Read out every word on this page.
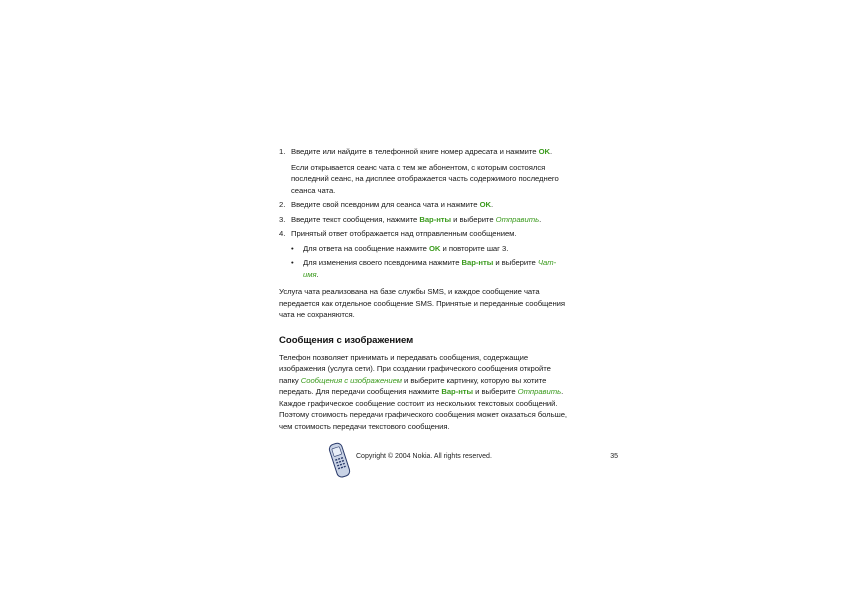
1. Введите или найдите в телефонной книге номер адресата и нажмите OK.
Если открывается сеанс чата с тем же абонентом, с которым состоялся последний сеанс, на дисплее отображается часть содержимого последнего сеанса чата.
2. Введите свой псевдоним для сеанса чата и нажмите OK.
3. Введите текст сообщения, нажмите Вар-нты и выберите Отправить.
4. Принятый ответ отображается над отправленным сообщением.
• Для ответа на сообщение нажмите OK и повторите шаг 3.
• Для изменения своего псевдонима нажмите Вар-нты и выберите Чат-имя.
Услуга чата реализована на базе службы SMS, и каждое сообщение чата передается как отдельное сообщение SMS. Принятые и переданные сообщения чата не сохраняются.
Сообщения с изображением
Телефон позволяет принимать и передавать сообщения, содержащие изображения (услуга сети). При создании графического сообщения откройте папку Сообщения с изображением и выберите картинку, которую вы хотите передать. Для передачи сообщения нажмите Вар-нты и выберите Отправить. Каждое графическое сообщение состоит из нескольких текстовых сообщений. Поэтому стоимость передачи графического сообщения может оказаться больше, чем стоимость передачи текстового сообщения.
Copyright © 2004 Nokia. All rights reserved.	35
